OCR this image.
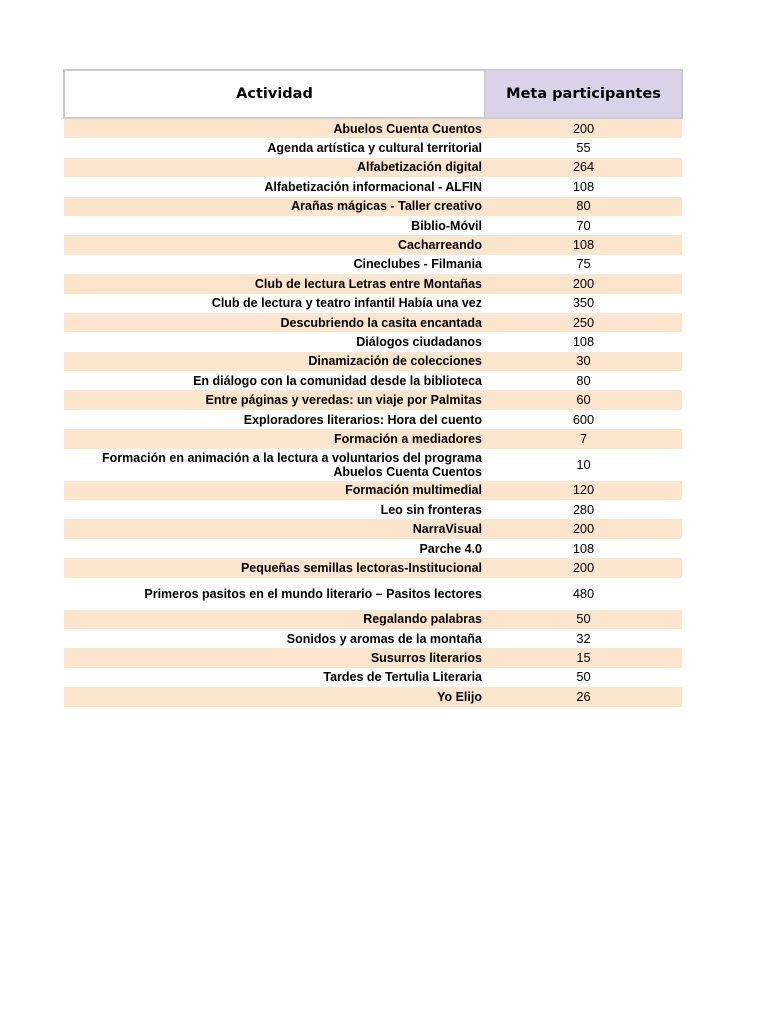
Actividad	Meta participantes
Abuelos Cuenta Cuentos	200
Agenda artística y cultural territorial	55
Alfabetización digital	264
Alfabetización informacional - ALFIN	108
Arañas mágicas - Taller creativo	80
Biblio-Móvil	70
Cacharreando	108
Cineclubes - Filmania	75
Club de lectura Letras entre Montañas	200
Club de lectura y teatro infantil Había una vez	350
Descubriendo la casita encantada	250
Diálogos ciudadanos	108
Dinamización de colecciones	30
En diálogo con la comunidad desde la biblioteca	80
Entre páginas y veredas: un viaje por Palmitas	60
Exploradores literarios: Hora del cuento	600
Formación a mediadores	7
Formación en animación a la lectura a voluntarios del programa Abuelos Cuenta Cuentos	10
Formación multimedial	120
Leo sin fronteras	280
NarraVisual	200
Parche 4.0	108
Pequeñas semillas lectoras-Institucional	200
Primeros pasitos en el mundo literario – Pasitos lectores	480
Regalando palabras	50
Sonidos y aromas de la montaña	32
Susurros literarios	15
Tardes de Tertulia Literaria	50
Yo Elijo	26
